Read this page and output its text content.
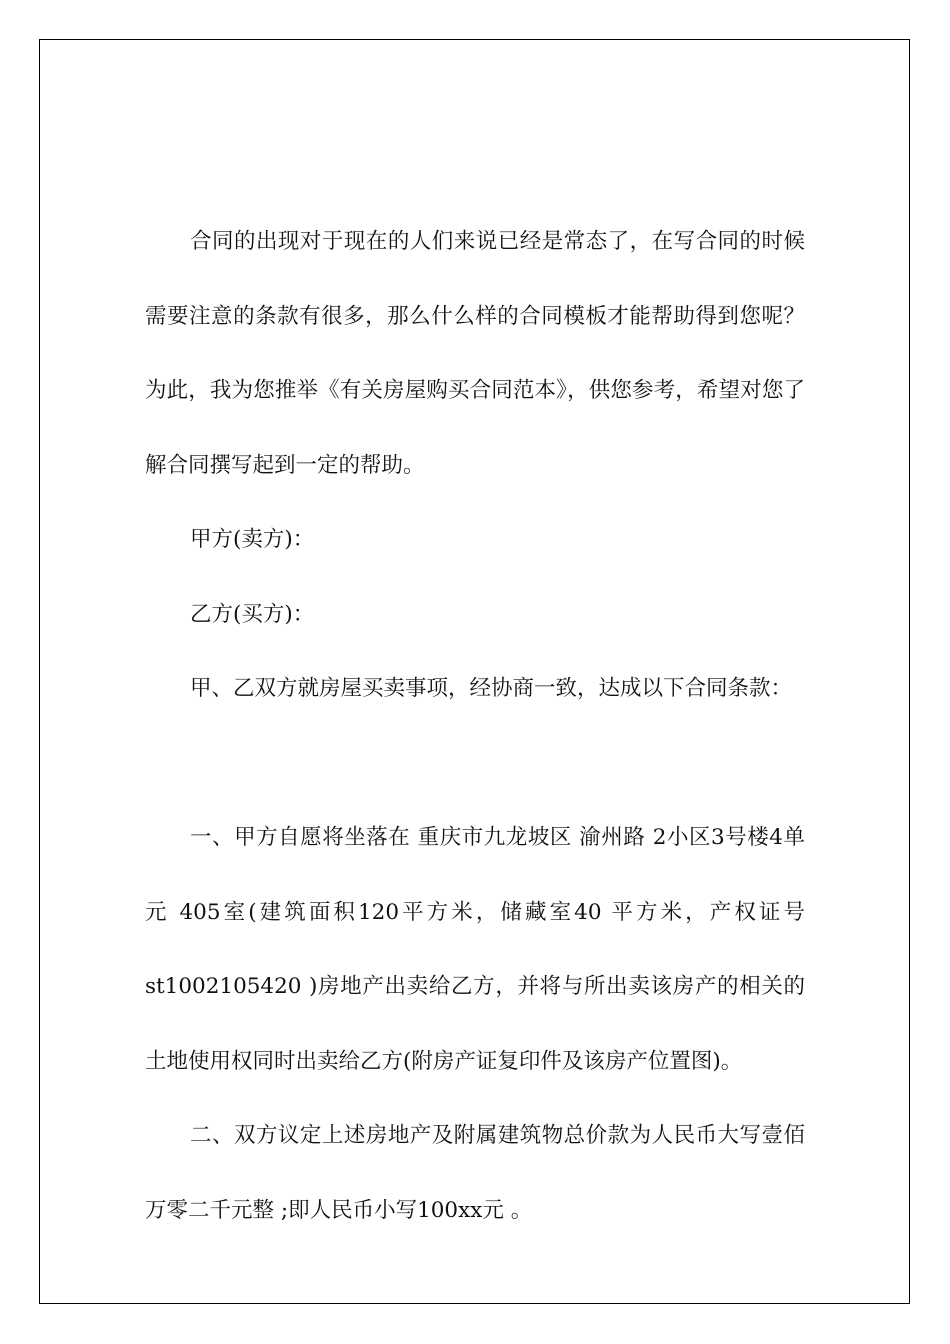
合同的出现对于现在的人们来说已经是常态了，在写合同的时候需要注意的条款有很多，那么什么样的合同模板才能帮助得到您呢？为此，我为您推举《有关房屋购买合同范本》，供您参考，希望对您了解合同撰写起到一定的帮助。

甲方(卖方)：

乙方(买方)：

甲、乙双方就房屋买卖事项，经协商一致，达成以下合同条款：

一、甲方自愿将坐落在 重庆市九龙坡区 渝州路 2小区3号楼4单元 405室(建筑面积120平方米，储藏室40 平方米，产权证号 st1002105420 )房地产出卖给乙方，并将与所出卖该房产的相关的土地使用权同时出卖给乙方(附房产证复印件及该房产位置图)。

二、双方议定上述房地产及附属建筑物总价款为人民币大写壹佰万零二千元整 ;即人民币小写100xx元 。
